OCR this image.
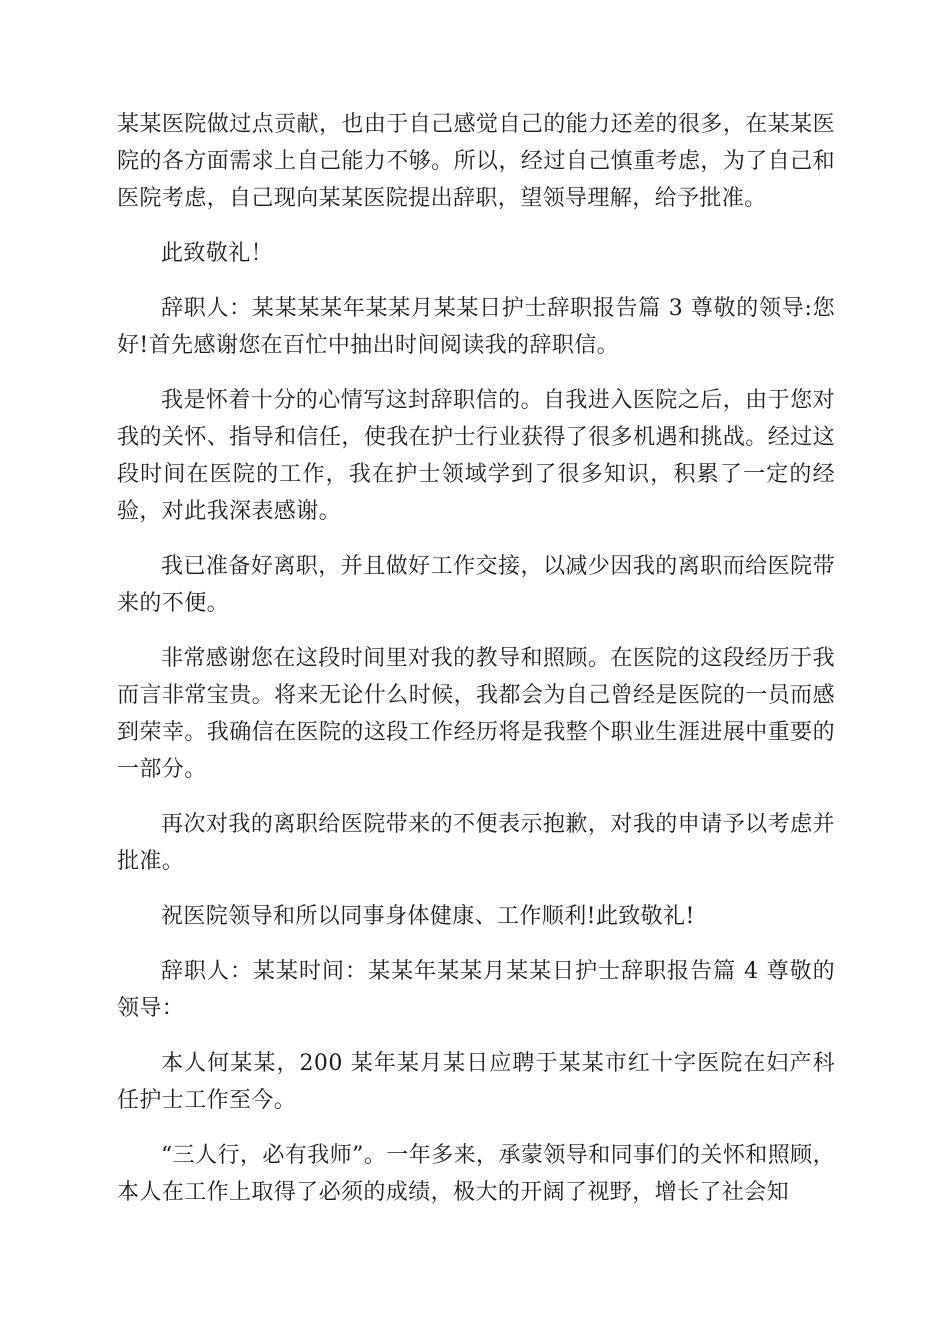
某某医院做过点贡献，也由于自己感觉自己的能力还差的很多，在某某医院的各方面需求上自己能力不够。所以，经过自己慎重考虑，为了自己和医院考虑，自己现向某某医院提出辞职，望领导理解，给予批准。

此致敬礼！

辞职人：某某某某年某某月某某日护士辞职报告篇 3 尊敬的领导:您好!首先感谢您在百忙中抽出时间阅读我的辞职信。

我是怀着十分的心情写这封辞职信的。自我进入医院之后，由于您对我的关怀、指导和信任，使我在护士行业获得了很多机遇和挑战。经过这段时间在医院的工作，我在护士领域学到了很多知识，积累了一定的经验，对此我深表感谢。

我已准备好离职，并且做好工作交接，以减少因我的离职而给医院带来的不便。

非常感谢您在这段时间里对我的教导和照顾。在医院的这段经历于我而言非常宝贵。将来无论什么时候，我都会为自己曾经是医院的一员而感到荣幸。我确信在医院的这段工作经历将是我整个职业生涯进展中重要的一部分。

再次对我的离职给医院带来的不便表示抱歉，对我的申请予以考虑并批准。

祝医院领导和所以同事身体健康、工作顺利!此致敬礼!

辞职人：某某时间：某某年某某月某某日护士辞职报告篇 4 尊敬的领导：

本人何某某，200 某年某月某日应聘于某某市红十字医院在妇产科任护士工作至今。

“三人行，必有我师”。一年多来，承蒙领导和同事们的关怀和照顾，本人在工作上取得了必须的成绩，极大的开阔了视野，增长了社会知
